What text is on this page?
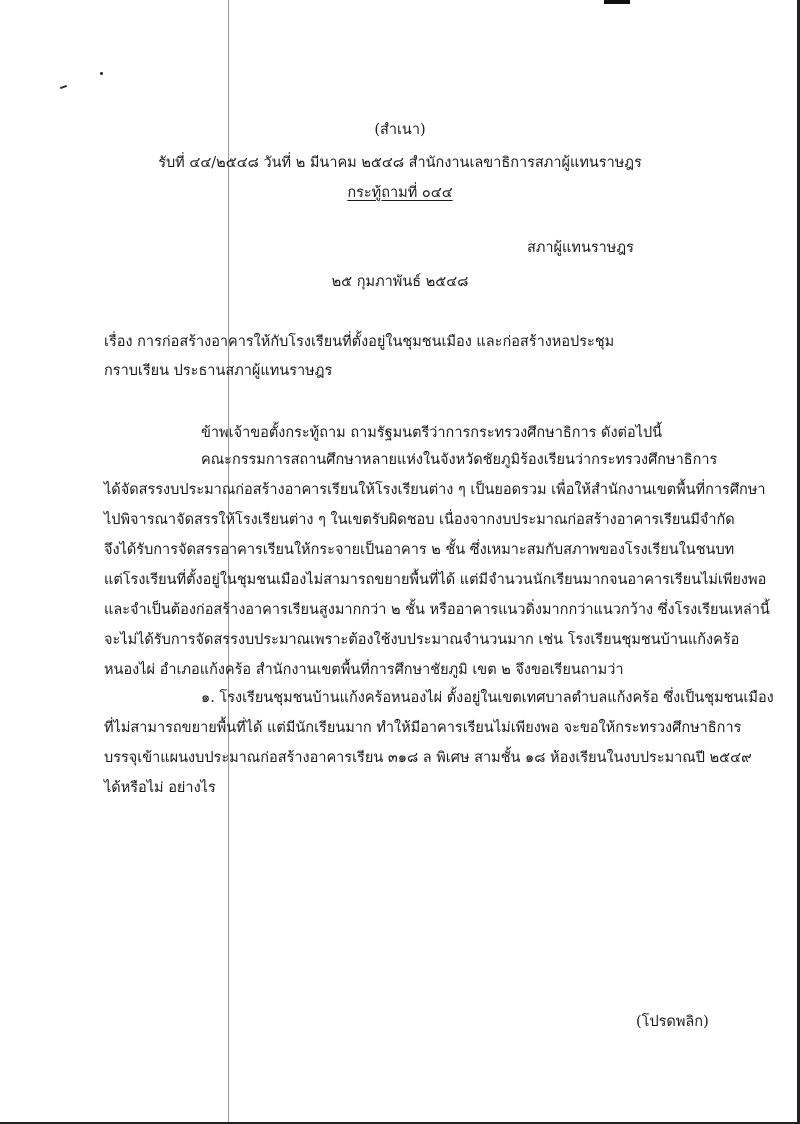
(สำเนา)
รับที่ ๔๔/๒๕๔๘ วันที่ ๒ มีนาคม ๒๕๔๘ สำนักงานเลขาธิการสภาผู้แทนราษฎร
กระทู้ถามที่ ๐๔๔
สภาผู้แทนราษฎร
๒๕ กุมภาพันธ์ ๒๕๔๘
เรื่อง การก่อสร้างอาคารให้กับโรงเรียนที่ตั้งอยู่ในชุมชนเมือง และก่อสร้างหอประชุม
กราบเรียน ประธานสภาผู้แทนราษฎร
ข้าพเจ้าขอตั้งกระทู้ถาม ถามรัฐมนตรีว่าการกระทรวงศึกษาธิการ ดังต่อไปนี้
คณะกรรมการสถานศึกษาหลายแห่งในจังหวัดชัยภูมิร้องเรียนว่ากระทรวงศึกษาธิการ
ได้จัดสรรงบประมาณก่อสร้างอาคารเรียนให้โรงเรียนต่าง ๆ เป็นยอดรวม เพื่อให้สำนักงานเขตพื้นที่การศึกษา
ไปพิจารณาจัดสรรให้โรงเรียนต่าง ๆ ในเขตรับผิดชอบ เนื่องจากงบประมาณก่อสร้างอาคารเรียนมีจำกัด
จึงได้รับการจัดสรรอาคารเรียนให้กระจายเป็นอาคาร ๒ ชั้น ซึ่งเหมาะสมกับสภาพของโรงเรียนในชนบท
แต่โรงเรียนที่ตั้งอยู่ในชุมชนเมืองไม่สามารถขยายพื้นที่ได้ แต่มีจำนวนนักเรียนมากจนอาคารเรียนไม่เพียงพอ
และจำเป็นต้องก่อสร้างอาคารเรียนสูงมากกว่า ๒ ชั้น หรืออาคารแนวดิ่งมากกว่าแนวกว้าง ซึ่งโรงเรียนเหล่านี้
จะไม่ได้รับการจัดสรรงบประมาณเพราะต้องใช้งบประมาณจำนวนมาก เช่น โรงเรียนชุมชนบ้านแก้งคร้อ
หนองไผ่ อำเภอแก้งคร้อ สำนักงานเขตพื้นที่การศึกษาชัยภูมิ เขต ๒ จึงขอเรียนถามว่า
๑. โรงเรียนชุมชนบ้านแก้งคร้อหนองไผ่ ตั้งอยู่ในเขตเทศบาลตำบลแก้งคร้อ ซึ่งเป็นชุมชนเมือง
ที่ไม่สามารถขยายพื้นที่ได้ แต่มีนักเรียนมาก ทำให้มีอาคารเรียนไม่เพียงพอ จะขอให้กระทรวงศึกษาธิการ
บรรจุเข้าแผนงบประมาณก่อสร้างอาคารเรียน ๓๑๘ ล พิเศษ สามชั้น ๑๘ ห้องเรียนในงบประมาณปี ๒๕๔๙
ได้หรือไม่ อย่างไร
(โปรดพลิก)
